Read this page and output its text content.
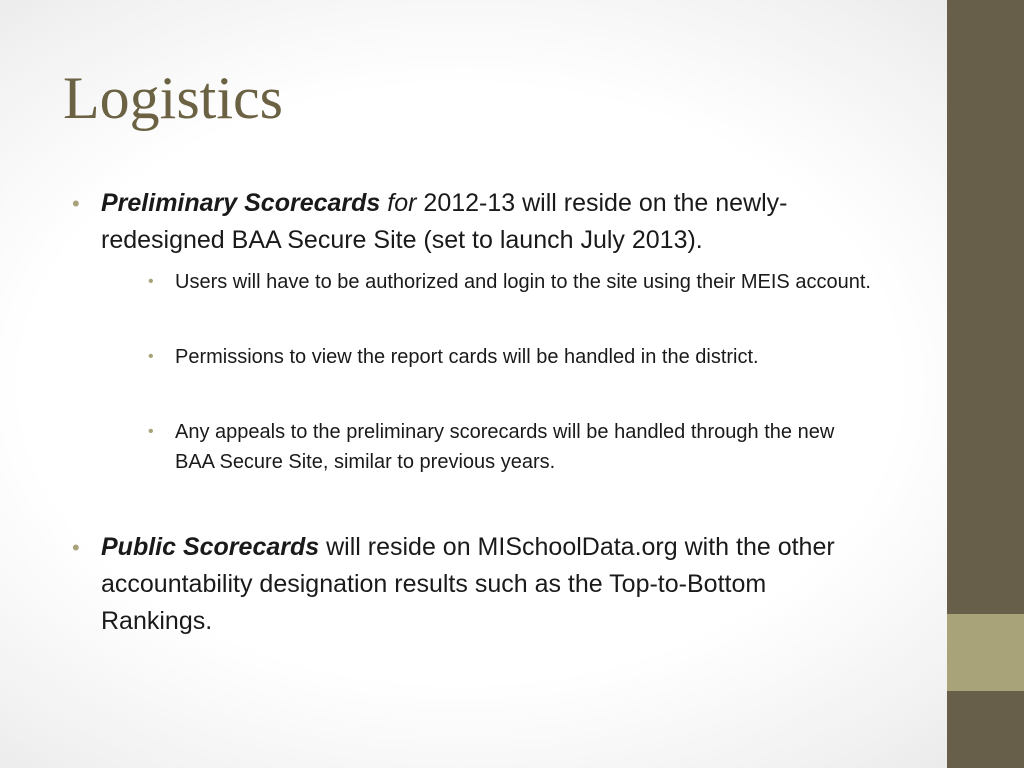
Logistics
• Preliminary Scorecards for 2012-13 will reside on the newly-redesigned BAA Secure Site (set to launch July 2013).
• Users will have to be authorized and login to the site using their MEIS account.
• Permissions to view the report cards will be handled in the district.
• Any appeals to the preliminary scorecards will be handled through the new BAA Secure Site, similar to previous years.
• Public Scorecards will reside on MISchoolData.org with the other accountability designation results such as the Top-to-Bottom Rankings.
